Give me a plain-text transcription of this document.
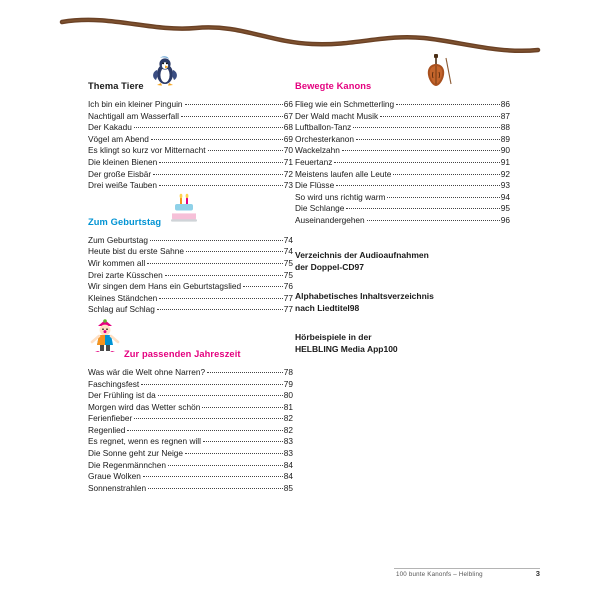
Thema Tiere
Ich bin ein kleiner Pinguin	66
Nachtigall am Wasserfall	67
Der Kakadu	68
Vögel am Abend	69
Es klingt so kurz vor Mitternacht	70
Die kleinen Bienen	71
Der große Eisbär	72
Drei weiße Tauben	73
Zum Geburtstag
Zum Geburtstag	74
Heute bist du erste Sahne	74
Wir kommen all	75
Drei zarte Küsschen	75
Wir singen dem Hans ein Geburtstagslied	76
Kleines Ständchen	77
Schlag auf Schlag	77
Zur passenden Jahreszeit
Was wär die Welt ohne Narren?	78
Faschingsfest	79
Der Frühling ist da	80
Morgen wird das Wetter schön	81
Ferienfieber	82
Regenlied	82
Es regnet, wenn es regnen will	83
Die Sonne geht zur Neige	83
Die Regenmännchen	84
Graue Wolken	84
Sonnenstrahlen	85
Bewegte Kanons
Flieg wie ein Schmetterling	86
Der Wald macht Musik	87
Luftballon-Tanz	88
Orchesterkanon	89
Wackelzahn	90
Feuertanz	91
Meistens laufen alle Leute	92
Die Flüsse	93
So wird uns richtig warm	94
Die Schlange	95
Auseinandergehen	96
Verzeichnis der Audioaufnahmen
der Doppel-CD 97
Alphabetisches Inhaltsverzeichnis
nach Liedtitel 98
Hörbeispiele in der
HELBLING Media App 100
100 bunte Kanonfs – Helbling	3
